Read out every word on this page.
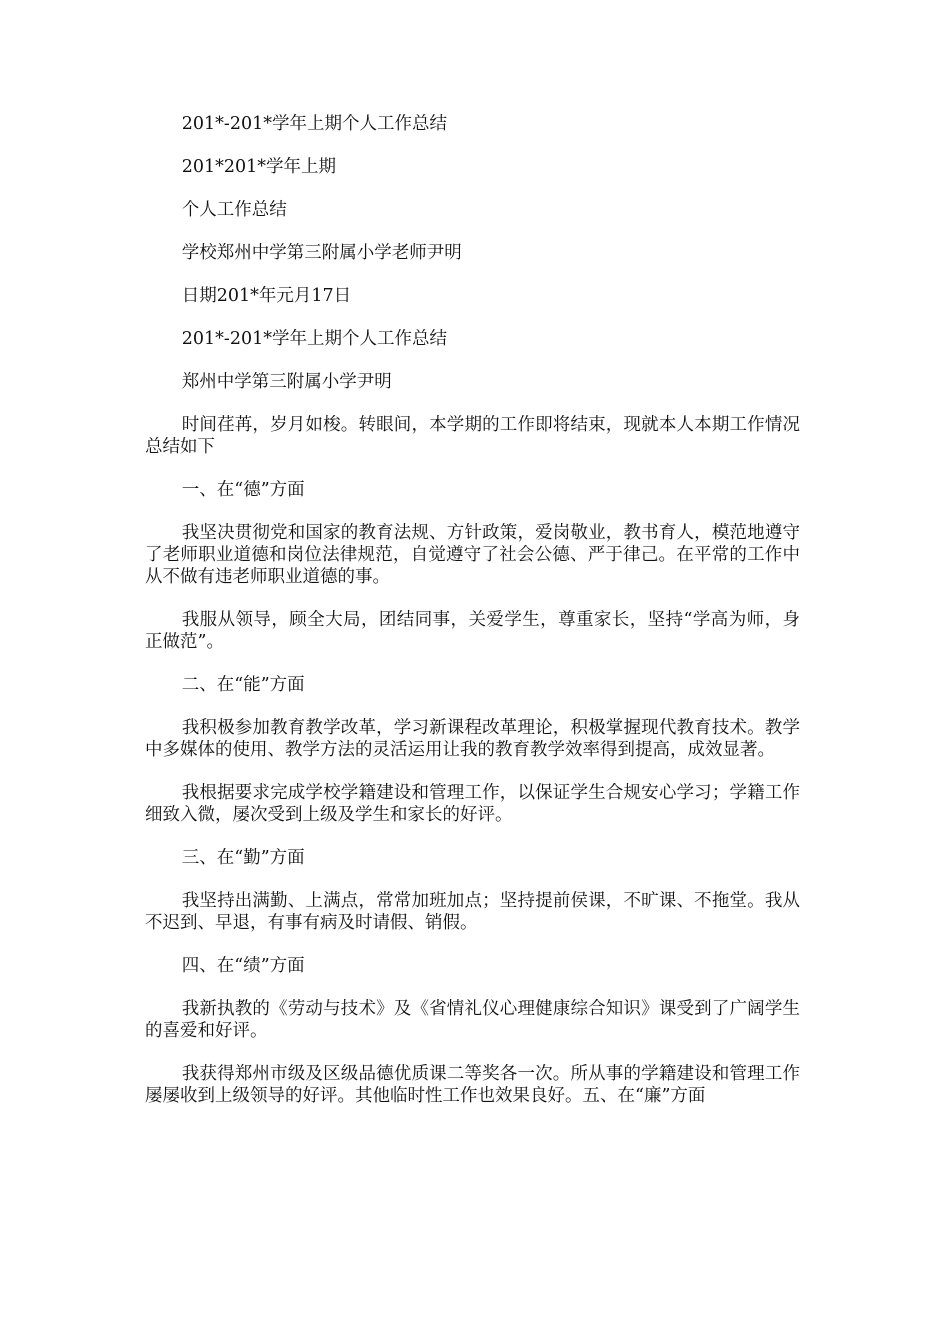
201*-201*学年上期个人工作总结

201*201*学年上期

个人工作总结

学校郑州中学第三附属小学老师尹明

日期201*年元月17日

201*-201*学年上期个人工作总结

郑州中学第三附属小学尹明

时间荏苒，岁月如梭。转眼间，本学期的工作即将结束，现就本人本期工作情况总结如下

一、在“德”方面

我坚决贯彻党和国家的教育法规、方针政策，爱岗敬业，教书育人，模范地遵守了老师职业道德和岗位法律规范，自觉遵守了社会公德、严于律己。在平常的工作中从不做有违老师职业道德的事。

我服从领导，顾全大局，团结同事，关爱学生，尊重家长，坚持“学高为师，身正做范”。

二、在“能”方面

我积极参加教育教学改革，学习新课程改革理论，积极掌握现代教育技术。教学中多媒体的使用、教学方法的灵活运用让我的教育教学效率得到提高，成效显著。

我根据要求完成学校学籍建设和管理工作，以保证学生合规安心学习；学籍工作细致入微，屡次受到上级及学生和家长的好评。

三、在“勤”方面

我坚持出满勤、上满点，常常加班加点；坚持提前侯课，不旷课、不拖堂。我从不迟到、早退，有事有病及时请假、销假。

四、在“绩”方面

我新执教的《劳动与技术》及《省情礼仪心理健康综合知识》课受到了广阔学生的喜爱和好评。

我获得郑州市级及区级品德优质课二等奖各一次。所从事的学籍建设和管理工作屡屡收到上级领导的好评。其他临时性工作也效果良好。五、在“廉”方面
